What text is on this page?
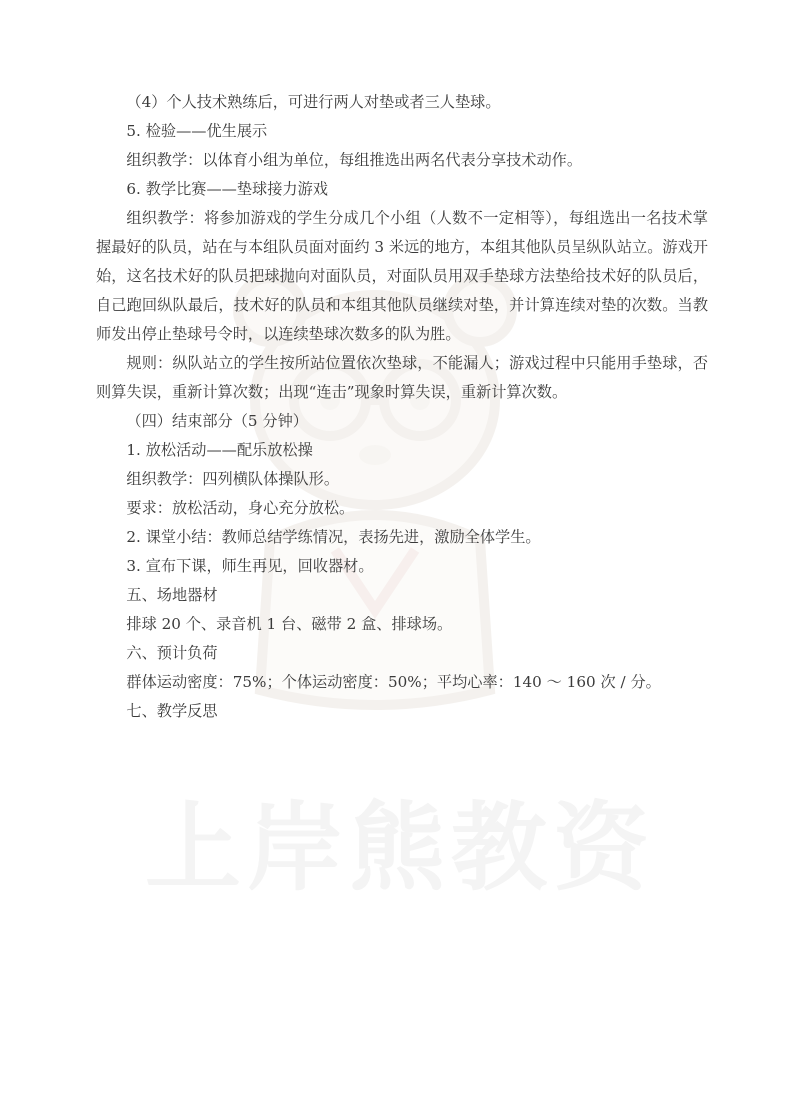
上岸熊教资

（4）个人技术熟练后，可进行两人对垫或者三人垫球。

5. 检验——优生展示

组织教学：以体育小组为单位，每组推选出两名代表分享技术动作。

6. 教学比赛——垫球接力游戏

组织教学：将参加游戏的学生分成几个小组（人数不一定相等），每组选出一名技术掌握最好的队员，站在与本组队员面对面约 3 米远的地方，本组其他队员呈纵队站立。游戏开始，这名技术好的队员把球抛向对面队员，对面队员用双手垫球方法垫给技术好的队员后，自己跑回纵队最后，技术好的队员和本组其他队员继续对垫，并计算连续对垫的次数。当教师发出停止垫球号令时，以连续垫球次数多的队为胜。

规则：纵队站立的学生按所站位置依次垫球，不能漏人；游戏过程中只能用手垫球，否则算失误，重新计算次数；出现“连击”现象时算失误，重新计算次数。

（四）结束部分（5 分钟）

1. 放松活动——配乐放松操

组织教学：四列横队体操队形。

要求：放松活动，身心充分放松。

2. 课堂小结：教师总结学练情况，表扬先进，激励全体学生。

3. 宣布下课，师生再见，回收器材。

五、场地器材

排球 20 个、录音机 1 台、磁带 2 盒、排球场。

六、预计负荷

群体运动密度：75%；个体运动密度：50%；平均心率：140 ～ 160 次 / 分。

七、教学反思
